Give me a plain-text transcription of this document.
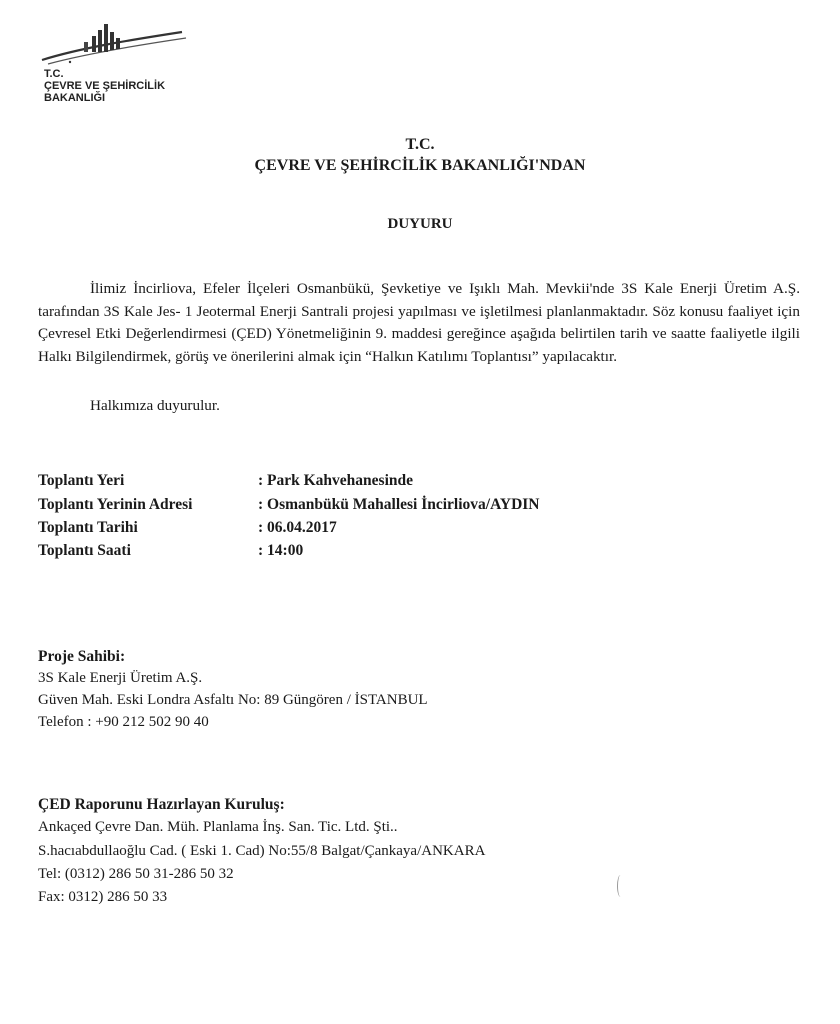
T.C.
ÇEVRE VE ŞEHİRCİLİK
BAKANLIĞI
T.C.
ÇEVRE VE ŞEHİRCİLİK BAKANLIĞI'NDAN
DUYURU

İlimiz İncirliova, Efeler İlçeleri Osmanbükü, Şevketiye ve Işıklı Mah. Mevkii'nde 3S Kale Enerji Üretim A.Ş. tarafından 3S Kale Jes- 1 Jeotermal Enerji Santrali projesi yapılması ve işletilmesi planlanmaktadır. Söz konusu faaliyet için Çevresel Etki Değerlendirmesi (ÇED) Yönetmeliğinin 9. maddesi gereğince aşağıda belirtilen tarih ve saatte faaliyetle ilgili Halkı Bilgilendirmek, görüş ve önerilerini almak için “Halkın Katılımı Toplantısı” yapılacaktır.

Halkımıza duyurulur.
Toplantı Yeri	: Park Kahvehanesinde
Toplantı Yerinin Adresi	: Osmanbükü Mahallesi İncirliova/AYDIN
Toplantı Tarihi	: 06.04.2017
Toplantı Saati	: 14:00
Proje Sahibi:
3S Kale Enerji Üretim A.Ş.
Güven Mah. Eski Londra Asfaltı No: 89 Güngören / İSTANBUL
Telefon : +90 212 502 90 40
ÇED Raporunu Hazırlayan Kuruluş:
Ankaçed Çevre Dan. Müh. Planlama İnş. San. Tic. Ltd. Şti..
S.hacıabdullaoğlu Cad. ( Eski 1. Cad) No:55/8 Balgat/Çankaya/ANKARA
Tel: (0312) 286 50 31-286 50 32
Fax: 0312) 286 50 33
